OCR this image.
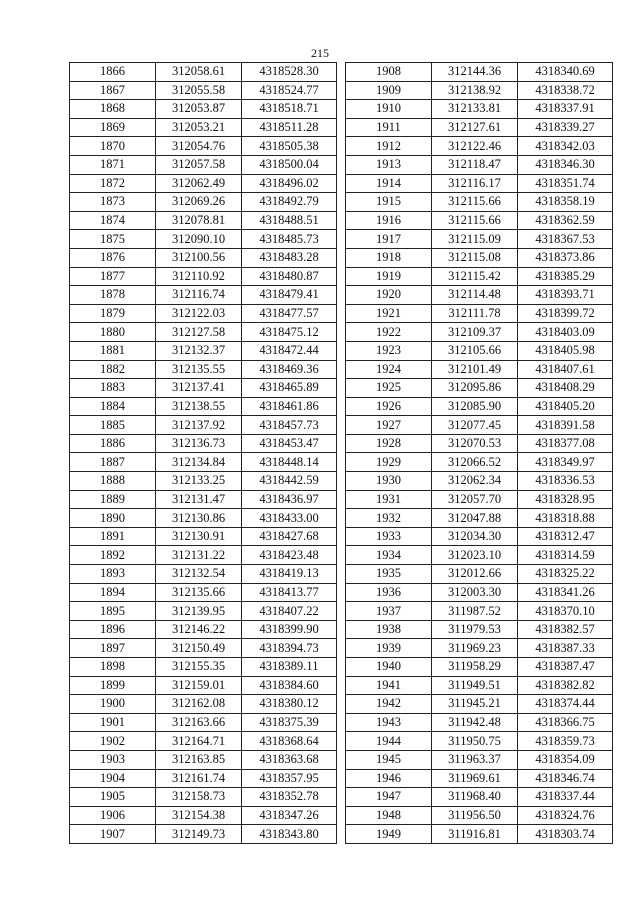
215
1866	312058.61	4318528.30
1867	312055.58	4318524.77
1868	312053.87	4318518.71
1869	312053.21	4318511.28
1870	312054.76	4318505.38
1871	312057.58	4318500.04
1872	312062.49	4318496.02
1873	312069.26	4318492.79
1874	312078.81	4318488.51
1875	312090.10	4318485.73
1876	312100.56	4318483.28
1877	312110.92	4318480.87
1878	312116.74	4318479.41
1879	312122.03	4318477.57
1880	312127.58	4318475.12
1881	312132.37	4318472.44
1882	312135.55	4318469.36
1883	312137.41	4318465.89
1884	312138.55	4318461.86
1885	312137.92	4318457.73
1886	312136.73	4318453.47
1887	312134.84	4318448.14
1888	312133.25	4318442.59
1889	312131.47	4318436.97
1890	312130.86	4318433.00
1891	312130.91	4318427.68
1892	312131.22	4318423.48
1893	312132.54	4318419.13
1894	312135.66	4318413.77
1895	312139.95	4318407.22
1896	312146.22	4318399.90
1897	312150.49	4318394.73
1898	312155.35	4318389.11
1899	312159.01	4318384.60
1900	312162.08	4318380.12
1901	312163.66	4318375.39
1902	312164.71	4318368.64
1903	312163.85	4318363.68
1904	312161.74	4318357.95
1905	312158.73	4318352.78
1906	312154.38	4318347.26
1907	312149.73	4318343.80
1908	312144.36	4318340.69
1909	312138.92	4318338.72
1910	312133.81	4318337.91
1911	312127.61	4318339.27
1912	312122.46	4318342.03
1913	312118.47	4318346.30
1914	312116.17	4318351.74
1915	312115.66	4318358.19
1916	312115.66	4318362.59
1917	312115.09	4318367.53
1918	312115.08	4318373.86
1919	312115.42	4318385.29
1920	312114.48	4318393.71
1921	312111.78	4318399.72
1922	312109.37	4318403.09
1923	312105.66	4318405.98
1924	312101.49	4318407.61
1925	312095.86	4318408.29
1926	312085.90	4318405.20
1927	312077.45	4318391.58
1928	312070.53	4318377.08
1929	312066.52	4318349.97
1930	312062.34	4318336.53
1931	312057.70	4318328.95
1932	312047.88	4318318.88
1933	312034.30	4318312.47
1934	312023.10	4318314.59
1935	312012.66	4318325.22
1936	312003.30	4318341.26
1937	311987.52	4318370.10
1938	311979.53	4318382.57
1939	311969.23	4318387.33
1940	311958.29	4318387.47
1941	311949.51	4318382.82
1942	311945.21	4318374.44
1943	311942.48	4318366.75
1944	311950.75	4318359.73
1945	311963.37	4318354.09
1946	311969.61	4318346.74
1947	311968.40	4318337.44
1948	311956.50	4318324.76
1949	311916.81	4318303.74
